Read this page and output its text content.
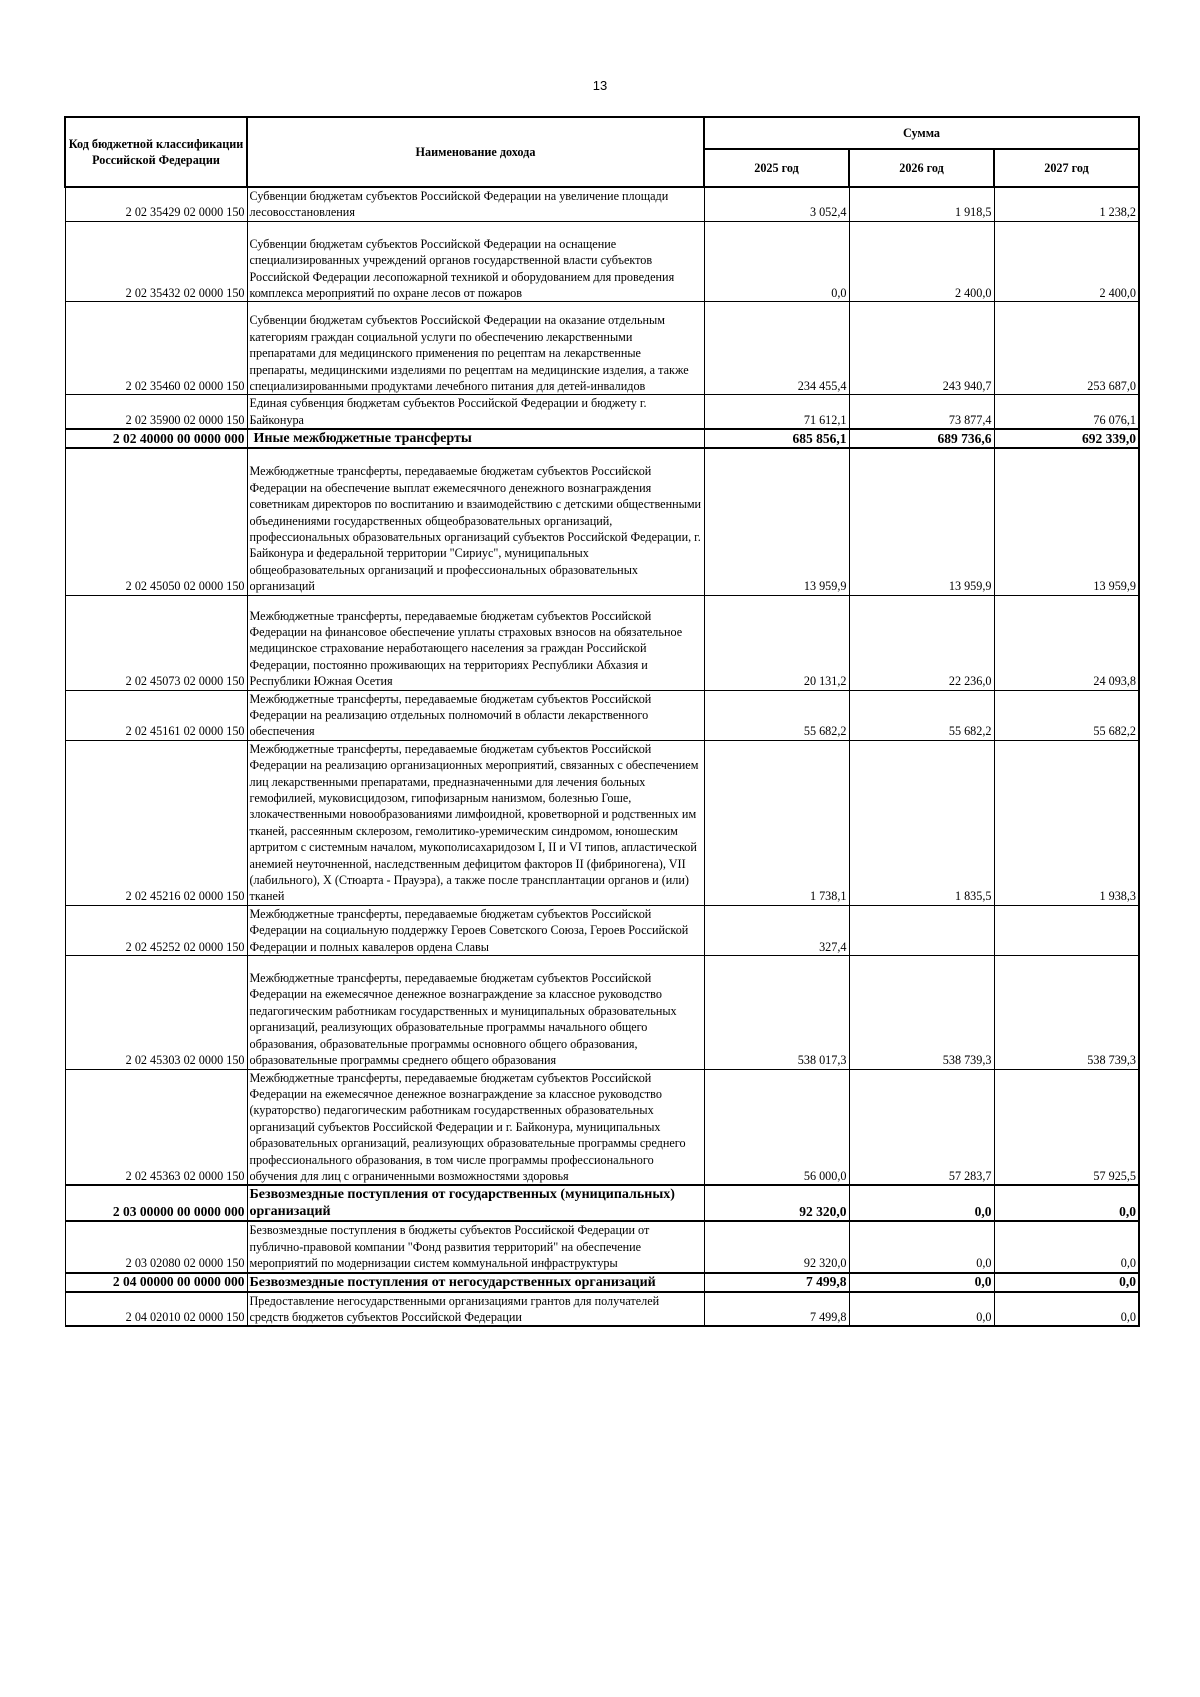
13
Код бюджетной классификации Российской Федерации	Наименование дохода	Сумма		
		2025 год	2026 год	2027 год
2 02 35429 02 0000 150	Субвенции бюджетам субъектов Российской Федерации на увеличение площади лесовосстановления	3 052,4	1 918,5	1 238,2
2 02 35432 02 0000 150	Субвенции бюджетам субъектов Российской Федерации на оснащение специализированных учреждений органов государственной власти субъектов Российской Федерации лесопожарной техникой и оборудованием для проведения комплекса мероприятий по охране лесов от пожаров	0,0	2 400,0	2 400,0
2 02 35460 02 0000 150	Субвенции бюджетам субъектов Российской Федерации на оказание отдельным категориям граждан социальной услуги по обеспечению лекарственными препаратами для медицинского применения по рецептам на лекарственные препараты, медицинскими изделиями по рецептам на медицинские изделия, а также специализированными продуктами лечебного питания для детей-инвалидов	234 455,4	243 940,7	253 687,0
2 02 35900 02 0000 150	Единая субвенция бюджетам субъектов Российской Федерации и бюджету г. Байконура	71 612,1	73 877,4	76 076,1
2 02 40000 00 0000 000	Иные межбюджетные трансферты	685 856,1	689 736,6	692 339,0
2 02 45050 02 0000 150	Межбюджетные трансферты, передаваемые бюджетам субъектов Российской Федерации на обеспечение выплат ежемесячного денежного вознаграждения советникам директоров по воспитанию и взаимодействию с детскими общественными объединениями государственных общеобразовательных организаций, профессиональных образовательных организаций субъектов Российской Федерации, г. Байконура и федеральной территории "Сириус", муниципальных общеобразовательных организаций и профессиональных образовательных организаций	13 959,9	13 959,9	13 959,9
2 02 45073 02 0000 150	Межбюджетные трансферты, передаваемые бюджетам субъектов Российской Федерации на финансовое обеспечение уплаты страховых взносов на обязательное медицинское страхование неработающего населения за граждан Российской Федерации, постоянно проживающих на территориях Республики Абхазия и Республики Южная Осетия	20 131,2	22 236,0	24 093,8
2 02 45161 02 0000 150	Межбюджетные трансферты, передаваемые бюджетам субъектов Российской Федерации на реализацию отдельных полномочий в области лекарственного обеспечения	55 682,2	55 682,2	55 682,2
2 02 45216 02 0000 150	Межбюджетные трансферты, передаваемые бюджетам субъектов Российской Федерации на реализацию организационных мероприятий, связанных с обеспечением лиц лекарственными препаратами, предназначенными для лечения больных гемофилией, муковисцидозом, гипофизарным нанизмом, болезнью Гоше, злокачественными новообразованиями лимфоидной, кроветворной и родственных им тканей, рассеянным склерозом, гемолитико-уремическим синдромом, юношеским артритом с системным началом, мукополисахаридозом I, II и VI типов, апластической анемией неуточненной, наследственным дефицитом факторов II (фибриногена), VII (лабильного), X (Стюарта - Прауэра), а также после трансплантации органов и (или) тканей	1 738,1	1 835,5	1 938,3
2 02 45252 02 0000 150	Межбюджетные трансферты, передаваемые бюджетам субъектов Российской Федерации на социальную поддержку Героев Советского Союза, Героев Российской Федерации и полных кавалеров ордена Славы	327,4		
2 02 45303 02 0000 150	Межбюджетные трансферты, передаваемые бюджетам субъектов Российской Федерации на ежемесячное денежное вознаграждение за классное руководство педагогическим работникам государственных и муниципальных образовательных организаций, реализующих образовательные программы начального общего образования, образовательные программы основного общего образования, образовательные программы среднего общего образования	538 017,3	538 739,3	538 739,3
2 02 45363 02 0000 150	Межбюджетные трансферты, передаваемые бюджетам субъектов Российской Федерации на ежемесячное денежное вознаграждение за классное руководство (кураторство) педагогическим работникам государственных образовательных организаций субъектов Российской Федерации и г. Байконура, муниципальных образовательных организаций, реализующих образовательные программы среднего профессионального образования, в том числе программы профессионального обучения для лиц с ограниченными возможностями здоровья	56 000,0	57 283,7	57 925,5
2 03 00000 00 0000 000	Безвозмездные поступления от государственных (муниципальных) организаций	92 320,0	0,0	0,0
2 03 02080 02 0000 150	Безвозмездные поступления в бюджеты субъектов Российской Федерации от публично-правовой компании "Фонд развития территорий" на обеспечение мероприятий по модернизации систем коммунальной инфраструктуры	92 320,0	0,0	0,0
2 04 00000 00 0000 000	Безвозмездные поступления от негосударственных организаций	7 499,8	0,0	0,0
2 04 02010 02 0000 150	Предоставление негосударственными организациями грантов для получателей средств бюджетов субъектов Российской Федерации	7 499,8	0,0	0,0
